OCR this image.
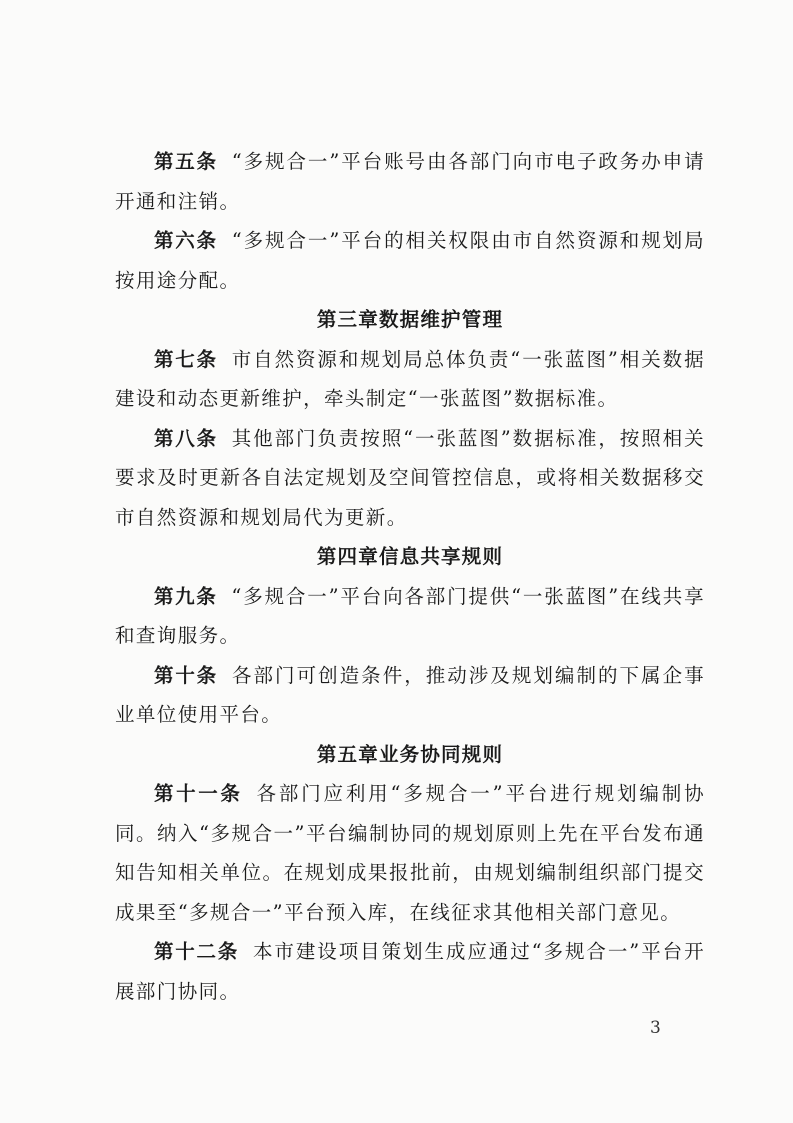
第五条 “多规合一”平台账号由各部门向市电子政务办申请开通和注销。

第六条 “多规合一”平台的相关权限由市自然资源和规划局按用途分配。

第三章数据维护管理

第七条 市自然资源和规划局总体负责“一张蓝图”相关数据建设和动态更新维护，牵头制定“一张蓝图”数据标准。

第八条 其他部门负责按照“一张蓝图”数据标准，按照相关要求及时更新各自法定规划及空间管控信息，或将相关数据移交市自然资源和规划局代为更新。

第四章信息共享规则

第九条 “多规合一”平台向各部门提供“一张蓝图”在线共享和查询服务。

第十条 各部门可创造条件，推动涉及规划编制的下属企事业单位使用平台。

第五章业务协同规则

第十一条 各部门应利用“多规合一”平台进行规划编制协同。纳入“多规合一”平台编制协同的规划原则上先在平台发布通知告知相关单位。在规划成果报批前，由规划编制组织部门提交成果至“多规合一”平台预入库，在线征求其他相关部门意见。

第十二条 本市建设项目策划生成应通过“多规合一”平台开展部门协同。

3
